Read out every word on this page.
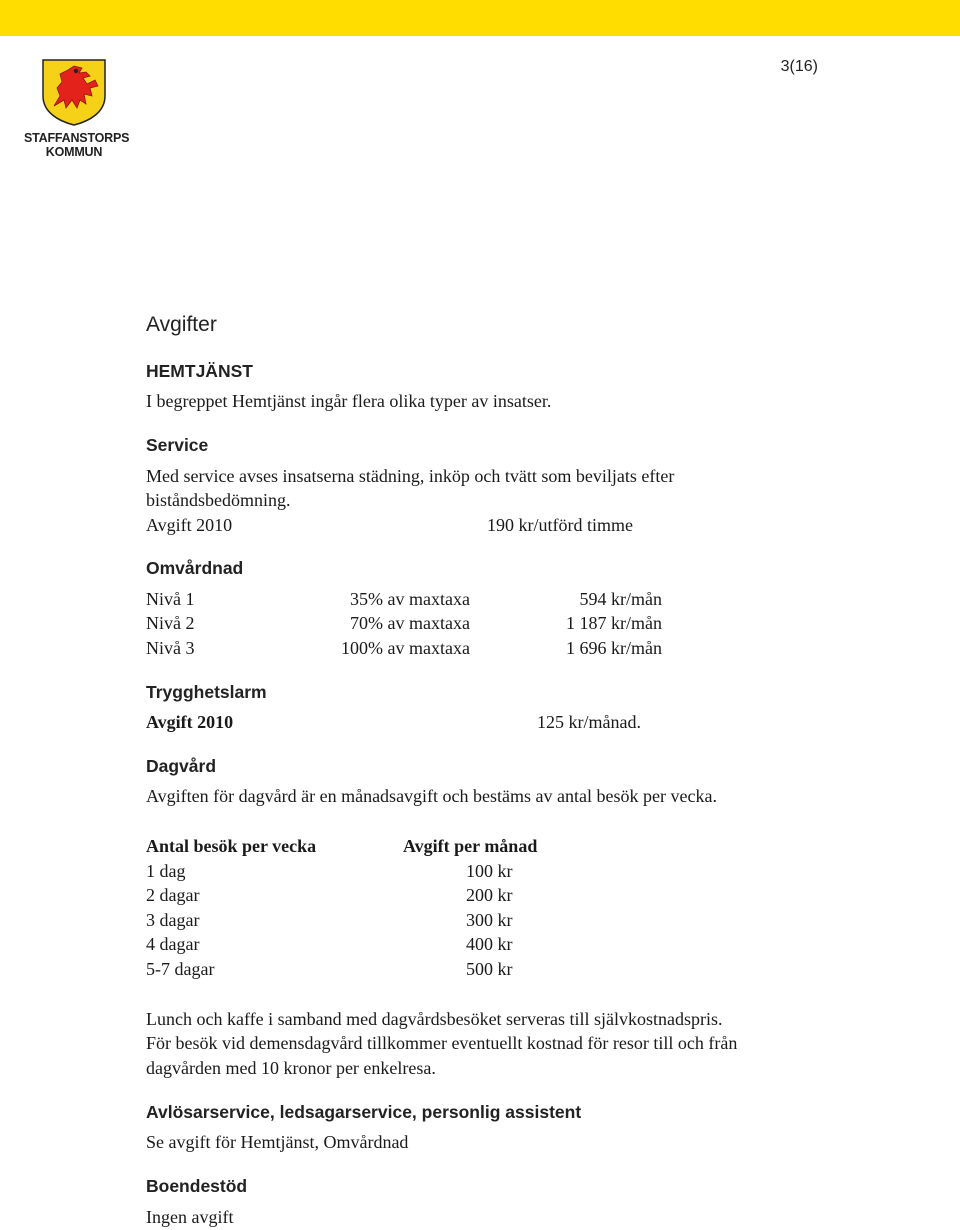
3(16)
STAFFANSTORPS
KOMMUN
Avgifter
HEMTJÄNST
I begreppet Hemtjänst ingår flera olika typer av insatser.
Service
Med service avses insatserna städning, inköp och tvätt som beviljats efter
biståndsbedömning.
Avgift 2010	190 kr/utförd timme
Omvårdnad
Nivå 1	35% av maxtaxa	594 kr/mån
Nivå 2	70% av maxtaxa	1 187 kr/mån
Nivå 3	100% av maxtaxa	1 696 kr/mån
Trygghetslarm
Avgift 2010	125 kr/månad.
Dagvård
Avgiften för dagvård är en månadsavgift och bestäms av antal besök per vecka.
Antal besök per vecka	Avgift per månad
1 dag	100 kr
2 dagar	200 kr
3 dagar	300 kr
4 dagar	400 kr
5-7 dagar	500 kr
Lunch och kaffe i samband med dagvårdsbesöket serveras till självkostnadspris.
För besök vid demensdagvård tillkommer eventuellt kostnad för resor till och från
dagvården med 10 kronor per enkelresa.
Avlösarservice, ledsagarservice, personlig assistent
Se avgift för Hemtjänst, Omvårdnad
Boendestöd
Ingen avgift
